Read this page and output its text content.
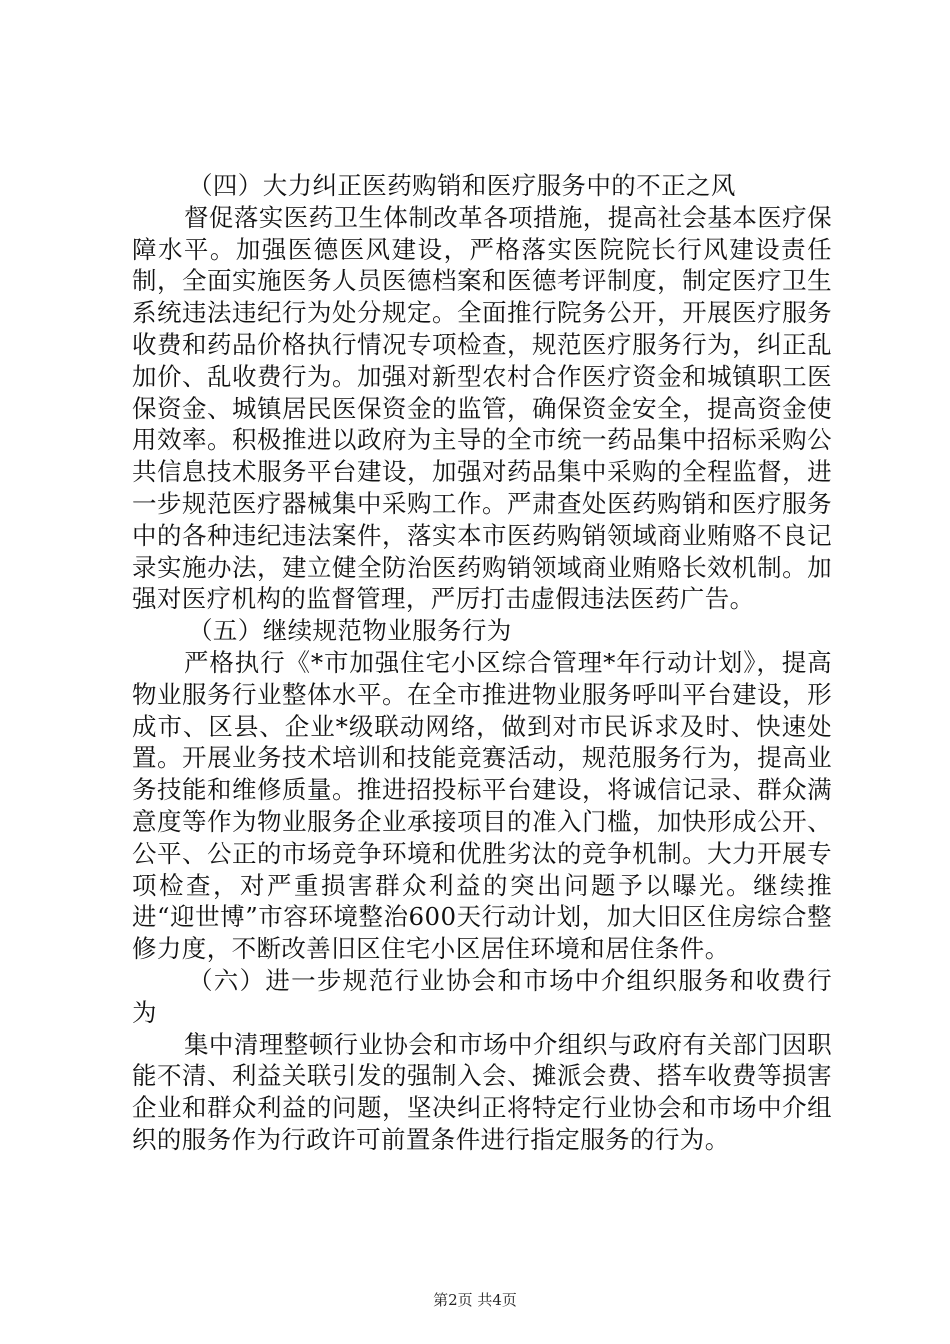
（四）大力纠正医药购销和医疗服务中的不正之风

督促落实医药卫生体制改革各项措施，提高社会基本医疗保障水平。加强医德医风建设，严格落实医院院长行风建设责任制，全面实施医务人员医德档案和医德考评制度，制定医疗卫生系统违法违纪行为处分规定。全面推行院务公开，开展医疗服务收费和药品价格执行情况专项检查，规范医疗服务行为，纠正乱加价、乱收费行为。加强对新型农村合作医疗资金和城镇职工医保资金、城镇居民医保资金的监管，确保资金安全，提高资金使用效率。积极推进以政府为主导的全市统一药品集中招标采购公共信息技术服务平台建设，加强对药品集中采购的全程监督，进一步规范医疗器械集中采购工作。严肃查处医药购销和医疗服务中的各种违纪违法案件，落实本市医药购销领域商业贿赂不良记录实施办法，建立健全防治医药购销领域商业贿赂长效机制。加强对医疗机构的监督管理，严厉打击虚假违法医药广告。

（五）继续规范物业服务行为

严格执行《*市加强住宅小区综合管理*年行动计划》，提高物业服务行业整体水平。在全市推进物业服务呼叫平台建设，形成市、区县、企业*级联动网络，做到对市民诉求及时、快速处置。开展业务技术培训和技能竞赛活动，规范服务行为，提高业务技能和维修质量。推进招投标平台建设，将诚信记录、群众满意度等作为物业服务企业承接项目的准入门槛，加快形成公开、公平、公正的市场竞争环境和优胜劣汰的竞争机制。大力开展专项检查，对严重损害群众利益的突出问题予以曝光。继续推进“迎世博”市容环境整治600天行动计划，加大旧区住房综合整修力度，不断改善旧区住宅小区居住环境和居住条件。

（六）进一步规范行业协会和市场中介组织服务和收费行为

集中清理整顿行业协会和市场中介组织与政府有关部门因职能不清、利益关联引发的强制入会、摊派会费、搭车收费等损害企业和群众利益的问题，坚决纠正将特定行业协会和市场中介组织的服务作为行政许可前置条件进行指定服务的行为。

第2页 共4页
